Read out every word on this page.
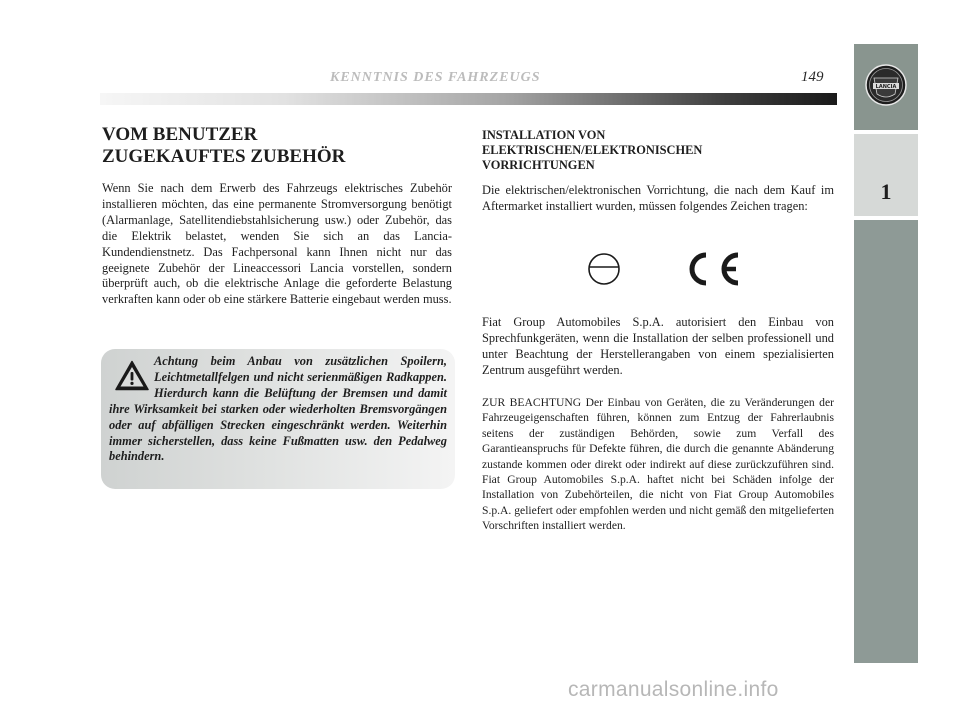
KENNTNIS DES FAHRZEUGS	149
LANCIA
1
VOM BENUTZER
ZUGEKAUFTES ZUBEHÖR
Wenn Sie nach dem Erwerb des Fahrzeugs elektrisches Zubehör installieren möchten, das eine permanente Stromversorgung benötigt (Alarmanlage, Satellitendiebstahlsicherung usw.) oder Zubehör, das die Elektrik belastet, wenden Sie sich an das Lancia-Kundendienstnetz. Das Fachpersonal kann Ihnen nicht nur das geeignete Zubehör der Lineaccessori Lancia vorstellen, sondern überprüft auch, ob die elektrische Anlage die geforderte Belastung verkraften kann oder ob eine stärkere Batterie eingebaut werden muss.
Achtung beim Anbau von zusätzlichen Spoilern, Leichtmetallfelgen und nicht serienmäßigen Radkappen. Hierdurch kann die Belüftung der Bremsen und damit ihre Wirksamkeit bei starken oder wiederholten Bremsvorgängen oder auf abfälligen Strecken eingeschränkt werden. Weiterhin immer sicherstellen, dass keine Fußmatten usw. den Pedalweg behindern.
INSTALLATION VON
ELEKTRISCHEN/ELEKTRONISCHEN
VORRICHTUNGEN
Die elektrischen/elektronischen Vorrichtung, die nach dem Kauf im Aftermarket installiert wurden, müssen folgendes Zeichen tragen:
Fiat Group Automobiles S.p.A. autorisiert den Einbau von Sprechfunkgeräten, wenn die Installation der selben professionell und unter Beachtung der Herstellerangaben von einem spezialisierten Zentrum ausgeführt werden.
ZUR BEACHTUNG Der Einbau von Geräten, die zu Veränderungen der Fahrzeugeigenschaften führen, können zum Entzug der Fahrerlaubnis seitens der zuständigen Behörden, sowie zum Verfall des Garantieanspruchs für Defekte führen, die durch die genannte Abänderung zustande kommen oder direkt oder indirekt auf diese zurückzuführen sind. Fiat Group Automobiles S.p.A. haftet nicht bei Schäden infolge der Installation von Zubehörteilen, die nicht von Fiat Group Automobiles S.p.A. geliefert oder empfohlen werden und nicht gemäß den mitgelieferten Vorschriften installiert werden.
carmanualsonline.info
